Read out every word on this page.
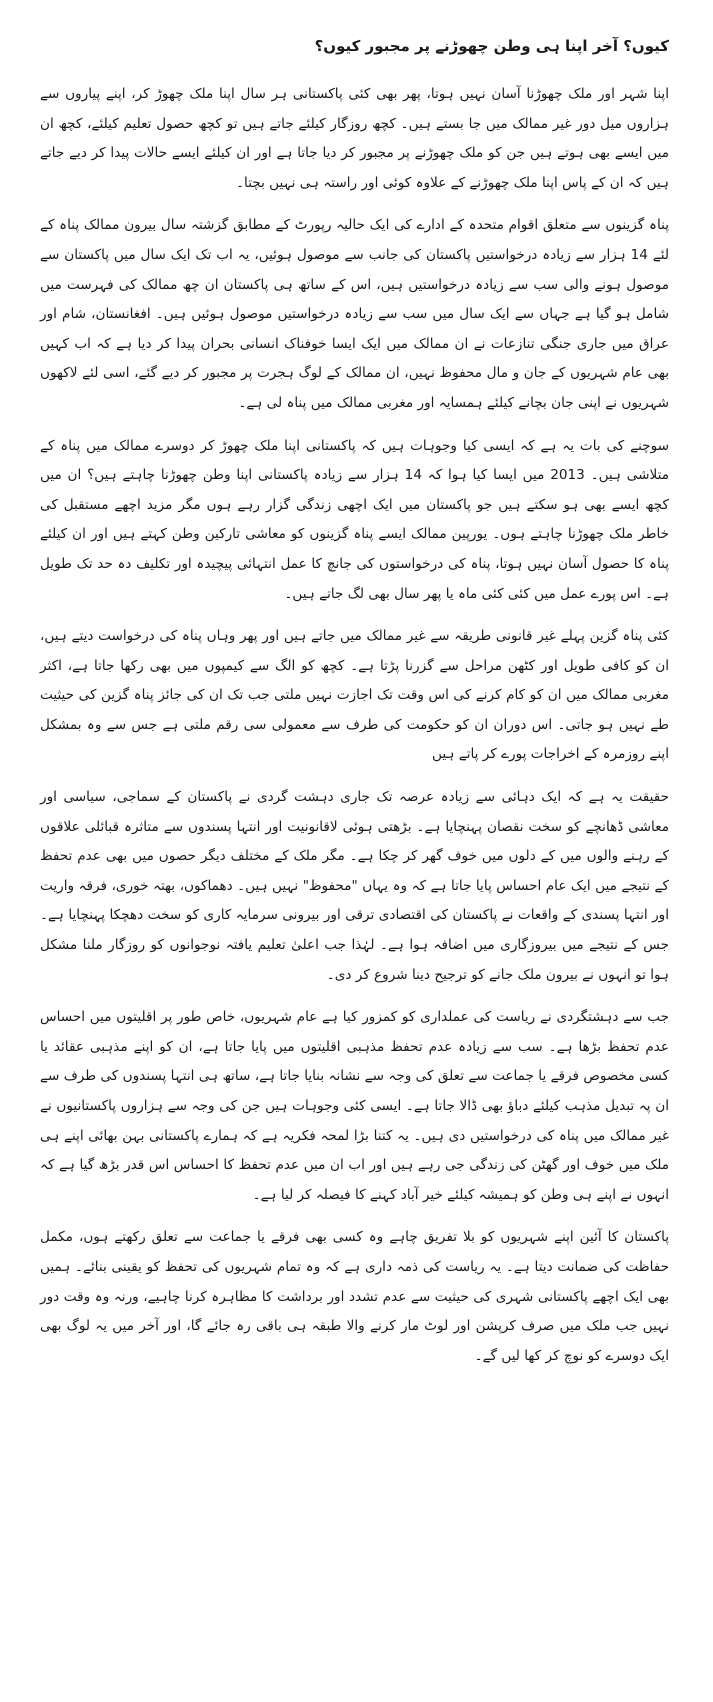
کیوں؟ آخر اپنا ہی وطن چھوڑنے پر مجبور کیوں؟

اپنا شہر اور ملک چھوڑنا آسان نہیں ہوتا، پھر بھی کئی پاکستانی ہر سال اپنا ملک چھوڑ کر، اپنے پیاروں سے ہزاروں میل دور غیر ممالک میں جا بستے ہیں۔ کچھ روزگار کیلئے جاتے ہیں تو کچھ حصول تعلیم کیلئے، کچھ ان میں ایسے بھی ہوتے ہیں جن کو ملک چھوڑنے پر مجبور کر دیا جاتا ہے اور ان کیلئے ایسے حالات پیدا کر دیے جاتے ہیں کہ ان کے پاس اپنا ملک چھوڑنے کے علاوہ کوئی اور راستہ ہی نہیں بچتا۔

پناہ گزینوں سے متعلق اقوام متحدہ کے ادارے کی ایک حالیہ رپورٹ کے مطابق گزشتہ سال بیرون ممالک پناہ کے لئے 14 ہزار سے زیادہ درخواستیں پاکستان کی جانب سے موصول ہوئیں، یہ اب تک ایک سال میں پاکستان سے موصول ہونے والی سب سے زیادہ درخواستیں ہیں، اس کے ساتھ ہی پاکستان ان چھ ممالک کی فہرست میں شامل ہو گیا ہے جہاں سے ایک سال میں سب سے زیادہ درخواستیں موصول ہوئیں ہیں۔ افغانستان، شام اور عراق میں جاری جنگی تنازعات نے ان ممالک میں ایک ایسا خوفناک انسانی بحران پیدا کر دیا ہے کہ اب کہیں بھی عام شہریوں کے جان و مال محفوظ نہیں، ان ممالک کے لوگ ہجرت پر مجبور کر دیے گئے، اسی لئے لاکھوں شہریوں نے اپنی جان بچانے کیلئے ہمسایہ اور مغربی ممالک میں پناہ لی ہے۔

سوچنے کی بات یہ ہے کہ ایسی کیا وجوہات ہیں کہ پاکستانی اپنا ملک چھوڑ کر دوسرے ممالک میں پناہ کے متلاشی ہیں۔ 2013 میں ایسا کیا ہوا کہ 14 ہزار سے زیادہ پاکستانی اپنا وطن چھوڑنا چاہتے ہیں؟ ان میں کچھ ایسے بھی ہو سکتے ہیں جو پاکستان میں ایک اچھی زندگی گزار رہے ہوں مگر مزید اچھے مستقبل کی خاطر ملک چھوڑنا چاہتے ہوں۔ یورپین ممالک ایسے پناہ گزینوں کو معاشی تارکین وطن کہتے ہیں اور ان کیلئے پناہ کا حصول آسان نہیں ہوتا، پناہ کی درخواستوں کی جانچ کا عمل انتہائی پیچیدہ اور تکلیف دہ حد تک طویل ہے۔ اس پورے عمل میں کئی کئی ماہ یا پھر سال بھی لگ جاتے ہیں۔

کئی پناہ گزین پہلے غیر قانونی طریقہ سے غیر ممالک میں جاتے ہیں اور پھر وہاں پناہ کی درخواست دیتے ہیں، ان کو کافی طویل اور کٹھن مراحل سے گزرنا پڑتا ہے۔ کچھ کو الگ سے کیمپوں میں بھی رکھا جاتا ہے، اکثر مغربی ممالک میں ان کو کام کرنے کی اس وقت تک اجازت نہیں ملتی جب تک ان کی جائز پناہ گزین کی حیثیت طے نہیں ہو جاتی۔ اس دوران ان کو حکومت کی طرف سے معمولی سی رقم ملتی ہے جس سے وہ بمشکل اپنے روزمرہ کے اخراجات پورے کر پاتے ہیں

حقیقت یہ ہے کہ ایک دہائی سے زیادہ عرصہ تک جاری دہشت گردی نے پاکستان کے سماجی، سیاسی اور معاشی ڈھانچے کو سخت نقصان پہنچایا ہے۔ بڑھتی ہوئی لاقانونیت اور انتہا پسندوں سے متاثرہ قبائلی علاقوں کے رہنے والوں میں کے دلوں میں خوف گھر کر چکا ہے۔ مگر ملک کے مختلف دیگر حصوں میں بھی عدم تحفظ کے نتیجے میں ایک عام احساس پایا جاتا ہے کہ وہ یہاں "محفوظ" نہیں ہیں۔ دھماکوں، بھتہ خوری، فرقہ واریت اور انتہا پسندی کے واقعات نے پاکستان کی اقتصادی ترقی اور بیرونی سرمایہ کاری کو سخت دھچکا پہنچایا ہے۔ جس کے نتیجے میں بیروزگاری میں اضافہ ہوا ہے۔ لہٰذا جب اعلیٰ تعلیم یافتہ نوجوانوں کو روزگار ملنا مشکل ہوا تو انہوں نے بیرون ملک جانے کو ترجیح دینا شروع کر دی۔

جب سے دہشتگردی نے ریاست کی عملداری کو کمزور کیا ہے عام شہریوں، خاص طور پر اقلیتوں میں احساس عدم تحفظ بڑھا ہے۔ سب سے زیادہ عدم تحفظ مذہبی اقلیتوں میں پایا جاتا ہے، ان کو اپنے مذہبی عقائد یا کسی مخصوص فرقے یا جماعت سے تعلق کی وجہ سے نشانہ بنایا جاتا ہے، ساتھ ہی انتہا پسندوں کی طرف سے ان پہ تبدیل مذہب کیلئے دباؤ بھی ڈالا جاتا ہے۔ ایسی کئی وجوہات ہیں جن کی وجہ سے ہزاروں پاکستانیوں نے غیر ممالک میں پناہ کی درخواستیں دی ہیں۔ یہ کتنا بڑا لمحہ فکریہ ہے کہ ہمارے پاکستانی بہن بھائی اپنے ہی ملک میں خوف اور گھٹن کی زندگی جی رہے ہیں اور اب ان میں عدم تحفظ کا احساس اس قدر بڑھ گیا ہے کہ انہوں نے اپنے ہی وطن کو ہمیشہ کیلئے خیر آباد کہنے کا فیصلہ کر لیا ہے۔

پاکستان کا آئین اپنے شہریوں کو بلا تفریق چاہے وہ کسی بھی فرقے یا جماعت سے تعلق رکھتے ہوں، مکمل حفاظت کی ضمانت دیتا ہے۔ یہ ریاست کی ذمہ داری ہے کہ وہ تمام شہریوں کی تحفظ کو یقینی بنائے۔ ہمیں بھی ایک اچھے پاکستانی شہری کی حیثیت سے عدم تشدد اور برداشت کا مظاہرہ کرنا چاہیے، ورنہ وہ وقت دور نہیں جب ملک میں صرف کرپشن اور لوٹ مار کرنے والا طبقہ ہی باقی رہ جائے گا، اور آخر میں یہ لوگ بھی ایک دوسرے کو نوچ کر کھا لیں گے۔
